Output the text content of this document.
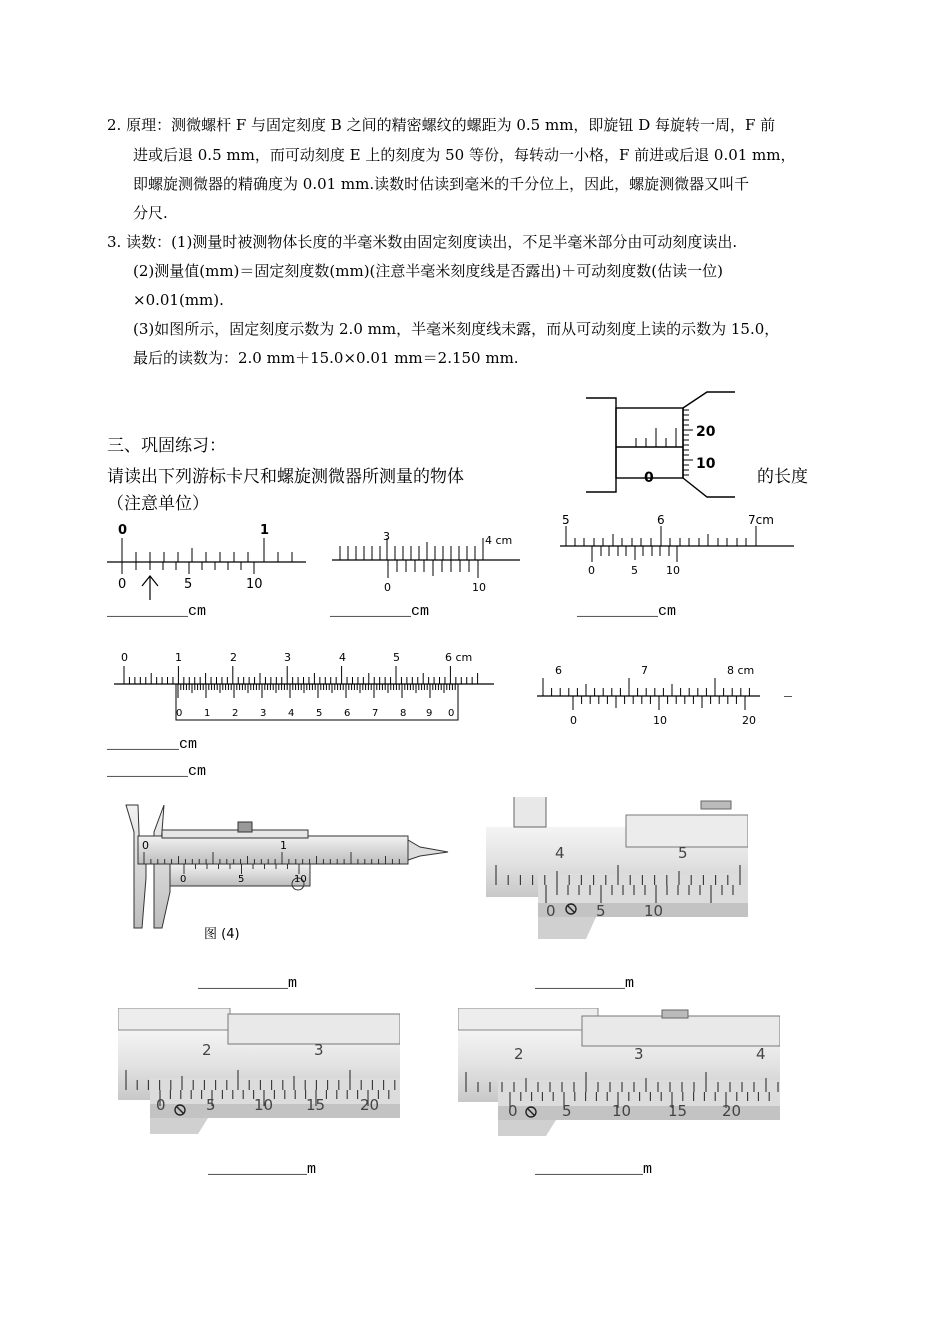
2. 原理：测微螺杆 F 与固定刻度 B 之间的精密螺纹的螺距为 0.5 mm，即旋钮 D 每旋转一周，F 前
进或后退 0.5 mm，而可动刻度 E 上的刻度为 50 等份，每转动一小格，F 前进或后退 0.01 mm，
即螺旋测微器的精确度为 0.01 mm.读数时估读到毫米的千分位上，因此，螺旋测微器又叫千
分尺.
3. 读数：(1)测量时被测物体长度的半毫米数由固定刻度读出，不足半毫米部分由可动刻度读出.
(2)测量值(mm)＝固定刻度数(mm)(注意半毫米刻度线是否露出)＋可动刻度数(估读一位)
×0.01(mm).
(3)如图所示，固定刻度示数为 2.0 mm，半毫米刻度线未露，而从可动刻度上读的示数为 15.0，
最后的读数为：2.0 mm＋15.0×0.01 mm＝2.150 mm.
三、巩固练习：
请读出下列游标卡尺和螺旋测微器所测量的物体	的长度
（注意单位）
20
10
0
0	1
0	5	10
3	4 cm
0	10
5	6	7cm
0	5	10
_________cm	_________cm	_________cm
0	1	2	3	4	5	6 cm
0 1 2 3 4 5 6 7 8 9 0
6	7	8 cm
0	10	20
________cm
_________cm
0	1
0	5	10
图 (4)
4	5
0	5	10
__________m	__________m
2	3
0	5	10 15 20
2	3	4
0	5	10 15 20
___________m	____________m
